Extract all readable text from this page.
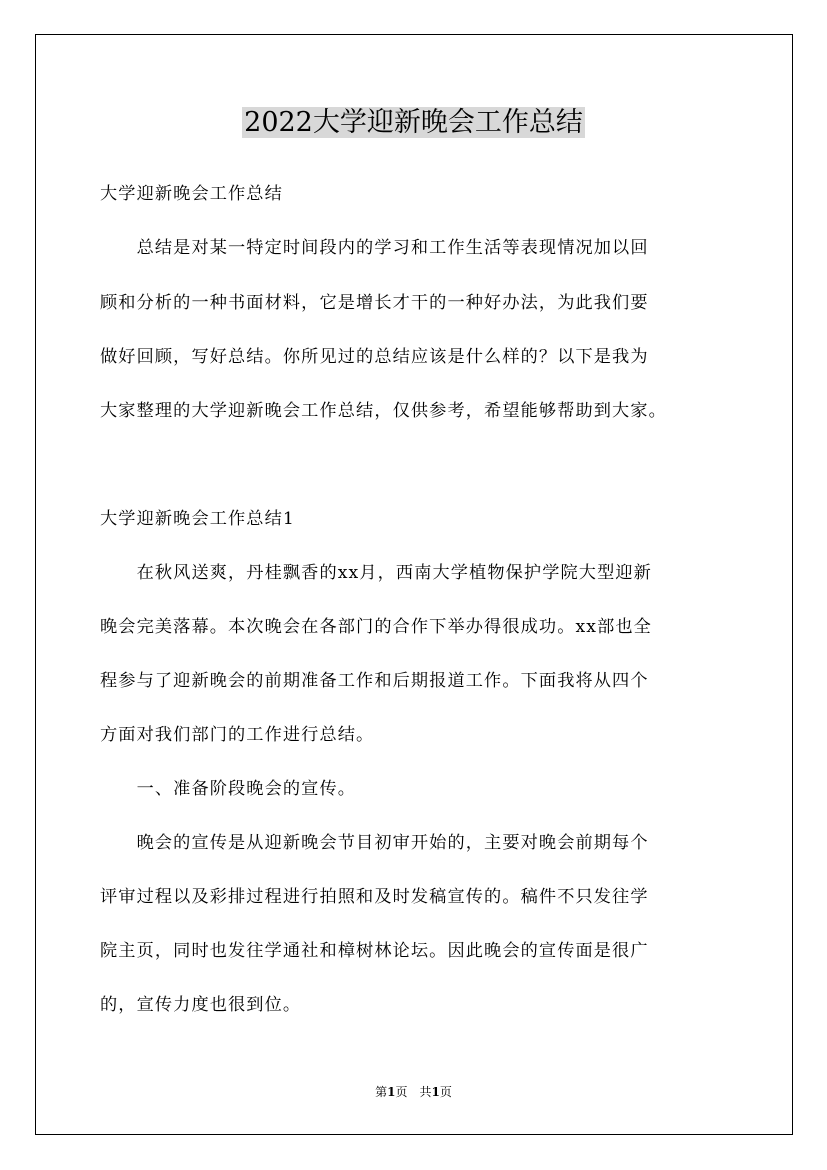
2022大学迎新晚会工作总结
大学迎新晚会工作总结
　　总结是对某一特定时间段内的学习和工作生活等表现情况加以回
顾和分析的一种书面材料，它是增长才干的一种好办法，为此我们要
做好回顾，写好总结。你所见过的总结应该是什么样的？以下是我为
大家整理的大学迎新晚会工作总结，仅供参考，希望能够帮助到大家。
大学迎新晚会工作总结1
　　在秋风送爽，丹桂飘香的xx月，西南大学植物保护学院大型迎新
晚会完美落幕。本次晚会在各部门的合作下举办得很成功。xx部也全
程参与了迎新晚会的前期准备工作和后期报道工作。下面我将从四个
方面对我们部门的工作进行总结。
　　一、准备阶段晚会的宣传。
　　晚会的宣传是从迎新晚会节目初审开始的，主要对晚会前期每个
评审过程以及彩排过程进行拍照和及时发稿宣传的。稿件不只发往学
院主页，同时也发往学通社和樟树林论坛。因此晚会的宣传面是很广
的，宣传力度也很到位。
第1页　共1页
